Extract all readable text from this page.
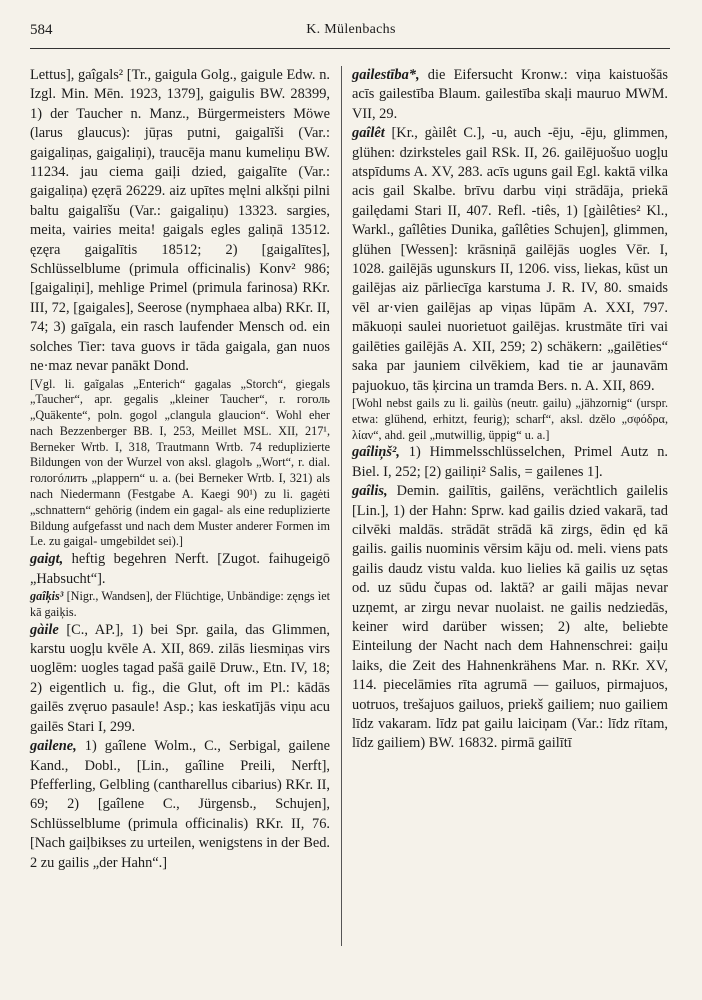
584	K. Mülenbachs

Lettus], gaîgals² [Tr., gaigula Golg., gaigule Edw. n. Izgl. Min. Mēn. 1923, 1379], gaigulis BW. 28399, 1) der Taucher n. Manz., Bürgermeisters Möwe (larus glaucus): jūŗas putni, gaigalīši (Var.: gaigaliņas, gaigaliņi), traucēja manu kumeliņu BW. 11234. jau ciema gaiļi dzied, gaigalīte (Var.: gaigaliņa) ęzęrā 26229. aiz upītes męlni alkšņi pilni baltu gaigalīšu (Var.: gaigaliņu) 13323. sargies, meita, vairies meita! gaigals egles galiņā 13512. ęzęra gaigalītis 18512; 2) [gaigalītes], Schlüsselblume (primula officinalis) Konv² 986; [gaigaliņi], mehlige Primel (primula farinosa) RKr. III, 72, [gaigales], Seerose (nymphaea alba) RKr. II, 74; 3) gaīgala, ein rasch laufender Mensch od. ein solches Tier: tava guovs ir tāda gaigala, gan nuos ne·maz nevar panākt Dond.

[Vgl. li. gaĩgalas „Enterich“ gagalas „Storch“, giegals „Taucher“, apr. gegalis „kleiner Taucher“, r. гоголь „Quäkente“, poln. gogol „clangula glaucion“. Wohl eher nach Bezzenberger BB. I, 253, Meillet MSL. XII, 217¹, Berneker Wrtb. I, 318, Trautmann Wrtb. 74 reduplizierte Bildungen von der Wurzel von aksl. glagolъ „Wort“, r. dial. гологóлить „plappern“ u. a. (bei Berneker Wrtb. I, 321) als nach Niedermann (Festgabe A. Kaegi 90¹) zu li. gagėti „schnattern“ gehörig (indem ein gagal- als eine reduplizierte Bildung aufgefasst und nach dem Muster anderer Formen im Le. zu gaigal- umgebildet sei).]

gaigt, heftig begehren Nerft. [Zugot. faihugeigō „Habsucht“].

gaîķis³ [Nigr., Wandsen], der Flüchtige, Unbändige: zęngs ìet kā gaiķis.

gàile [C., AP.], 1) bei Spr. gaila, das Glimmen, karstu uogļu kvēle A. XII, 869. zilās liesmiņas virs uoglēm: uogles tagad pašā gailē Druw., Etn. IV, 18; 2) eigentlich u. fig., die Glut, oft im Pl.: kādās gailēs zvęruo pasaule! Asp.; kas ieskatījās viņu acu gailēs Stari I, 299.

gailene, 1) gaîlene Wolm., C., Serbigal, gailene Kand., Dobl., [Lin., gaîline Preili, Nerft], Pfefferling, Gelbling (cantharellus cibarius) RKr. II, 69; 2) [gaîlene C., Jürgensb., Schujen], Schlüsselblume (primula officinalis) RKr. II, 76. [Nach gaiļbikses zu urteilen, wenigstens in der Bed. 2 zu gailis „der Hahn“.]

gailestība*, die Eifersucht Kronw.: viņa kaistuošās acīs gailestība Blaum. gailestība skaļi mauruo MWM. VII, 29.

gaîlêt [Kr., gàilêt C.], -u, auch -ēju, -ēju, glimmen, glühen: dzirksteles gail RSk. II, 26. gailējuošuo uogļu atspīdums A. XV, 283. acīs uguns gail Egl. kaktā vilka acis gail Skalbe. brīvu darbu viņi strādāja, priekā gailędami Stari II, 407. Refl. -tiês, 1) [gàilêties² Kl., Warkl., gaîlêties Dunika, gaîlêties Schujen], glimmen, glühen [Wessen]: krāsniņā gailējās uogles Vēr. I, 1028. gailējās ugunskurs II, 1206. viss, liekas, kūst un gailējas aiz pārliecīga karstuma J. R. IV, 80. smaids vēl ar·vien gailējas ap viņas lūpām A. XXI, 797. mākuoņi saulei nuorietuot gailējas. krustmāte tīri vai gailēties gailējās A. XII, 259; 2) schäkern: „gailēties“ saka par jauniem cilvēkiem, kad tie ar jaunavām pajuokuo, tās ķircina un tramda Bers. n. A. XII, 869.

[Wohl nebst gails zu li. gailùs (neutr. gailu) „jähzornig“ (urspr. etwa: glühend, erhitzt, feurig); scharf“, aksl. dzělo „σφόδρα, λίαν“, ahd. geil „mutwillig, üppig“ u. a.]

gaîliņš², 1) Himmelsschlüsselchen, Primel Autz n. Biel. I, 252; [2) gailiņi² Salis, = gailenes 1].

gaîlis, Demin. gailītis, gailēns, verächtlich gailelis [Lin.], 1) der Hahn: Sprw. kad gailis dzied vakarā, tad cilvēki maldās. strādāt strādā kā zirgs, ēdin ęd kā gailis. gailis nuominis vērsim kāju od. meli. viens pats gailis daudz vistu valda. kuo lielies kā gailis uz sętas od. uz sūdu čupas od. laktā? ar gaili mājas nevar uzņemt, ar zirgu nevar nuolaist. ne gailis nedziedās, keiner wird darüber wissen; 2) alte, beliebte Einteilung der Nacht nach dem Hahnenschrei: gaiļu laiks, die Zeit des Hahnenkrähens Mar. n. RKr. XV, 114. piecelāmies rīta agrumā — gailuos, pirmajuos, uotruos, trešajuos gailuos, priekš gailiem; nuo gailiem līdz vakaram. līdz pat gailu laiciņam (Var.: līdz rītam, līdz gailiem) BW. 16832. pirmā gailītī
